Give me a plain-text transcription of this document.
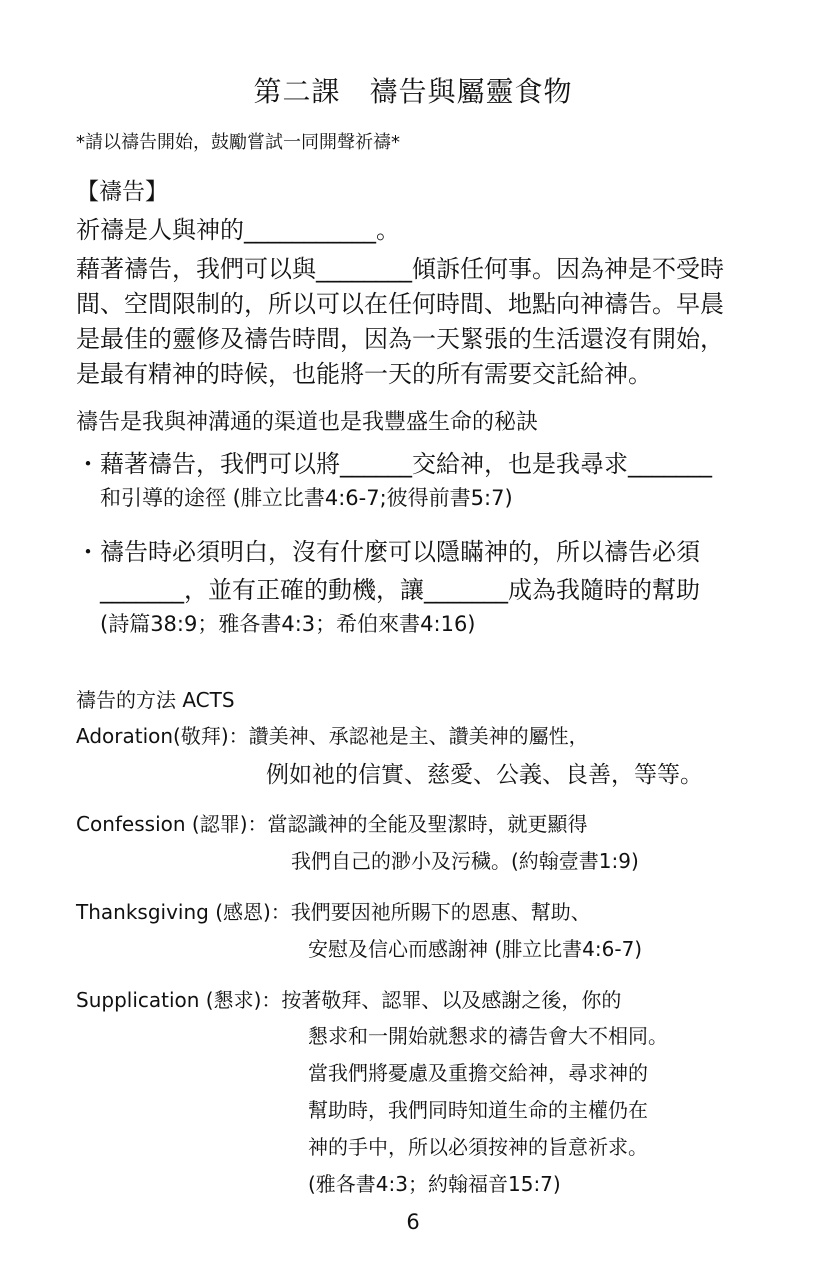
第二課　禱告與屬靈食物
*請以禱告開始，鼓勵嘗試一同開聲祈禱*
【禱告】
祈禱是人與神的___________。
藉著禱告，我們可以與________傾訴任何事。因為神是不受時
間、空間限制的，所以可以在任何時間、地點向神禱告。早晨
是最佳的靈修及禱告時間，因為一天緊張的生活還沒有開始，
是最有精神的時候，也能將一天的所有需要交託給神。
禱告是我與神溝通的渠道也是我豐盛生命的秘訣
・藉著禱告，我們可以將______交給神，也是我尋求_______
和引導的途徑 (腓立比書4:6-7;彼得前書5:7)
・禱告時必須明白，沒有什麼可以隱瞞神的，所以禱告必須
_______，並有正確的動機，讓_______成為我隨時的幫助
(詩篇38:9；雅各書4:3；希伯來書4:16)
禱告的方法 ACTS
Adoration(敬拜)：讚美神、承認祂是主、讚美神的屬性，
例如祂的信實、慈愛、公義、良善，等等。
Confession (認罪)：當認識神的全能及聖潔時，就更顯得
我們自己的渺小及污穢。(約翰壹書1:9)
Thanksgiving (感恩)：我們要因祂所賜下的恩惠、幫助、
安慰及信心而感謝神 (腓立比書4:6-7)
Supplication (懇求)：按著敬拜、認罪、以及感謝之後，你的
懇求和一開始就懇求的禱告會大不相同。
當我們將憂慮及重擔交給神，尋求神的
幫助時，我們同時知道生命的主權仍在
神的手中，所以必須按神的旨意祈求。
(雅各書4:3；約翰福音15:7)
6
